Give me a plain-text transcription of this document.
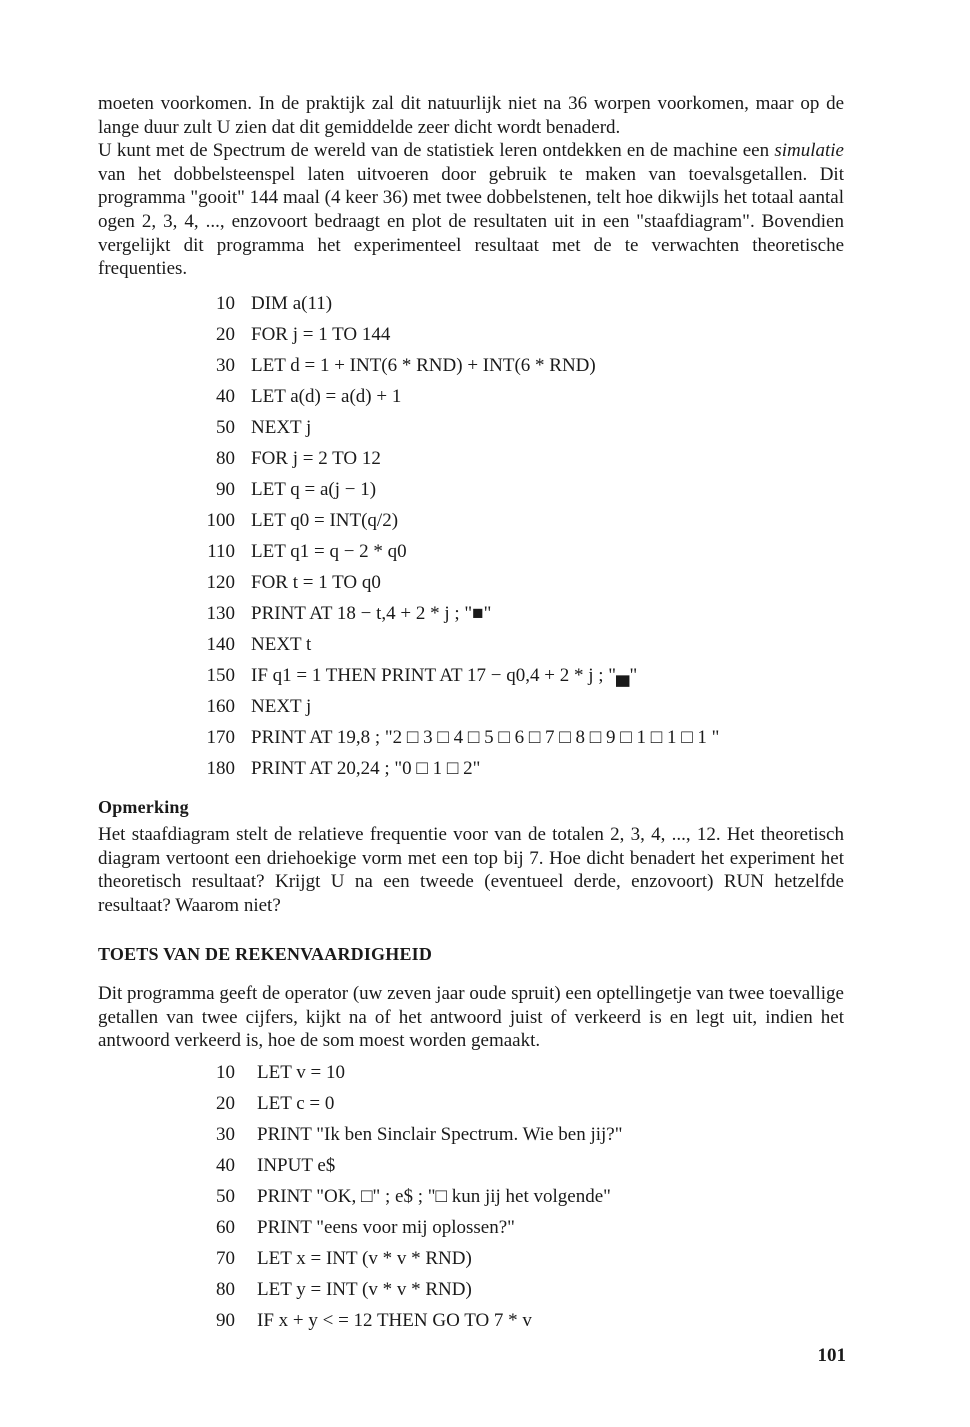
moeten voorkomen. In de praktijk zal dit natuurlijk niet na 36 worpen voorkomen, maar op de lange duur zult U zien dat dit gemiddelde zeer dicht wordt benaderd.
U kunt met de Spectrum de wereld van de statistiek leren ontdekken en de machine een simulatie van het dobbelsteenspel laten uitvoeren door gebruik te maken van toevalsgetallen. Dit programma "gooit" 144 maal (4 keer 36) met twee dobbelstenen, telt hoe dikwijls het totaal aantal ogen 2, 3, 4, ..., enzovoort bedraagt en plot de resultaten uit in een "staafdiagram". Bovendien vergelijkt dit programma het experimenteel resultaat met de te verwachten theoretische frequenties.

10 DIM a(11)
20 FOR j = 1 TO 144
30 LET d = 1 + INT(6 * RND) + INT(6 * RND)
40 LET a(d) = a(d) + 1
50 NEXT j
80 FOR j = 2 TO 12
90 LET q = a(j − 1)
100 LET q0 = INT(q/2)
110 LET q1 = q − 2 * q0
120 FOR t = 1 TO q0
130 PRINT AT 18 − t,4 + 2 * j ; "■"
140 NEXT t
150 IF q1 = 1 THEN PRINT AT 17 − q0,4 + 2 * j ; "▄"
160 NEXT j
170 PRINT AT 19,8 ; "2 □ 3 □ 4 □ 5 □ 6 □ 7 □ 8 □ 9 □ 1 □ 1 □ 1 "
180 PRINT AT 20,24 ; "0 □ 1 □ 2"
Opmerking

Het staafdiagram stelt de relatieve frequentie voor van de totalen 2, 3, 4, ..., 12. Het theoretisch diagram vertoont een driehoekige vorm met een top bij 7. Hoe dicht benadert het experiment het theoretisch resultaat? Krijgt U na een tweede (eventueel derde, enzovoort) RUN hetzelfde resultaat? Waarom niet?

TOETS VAN DE REKENVAARDIGHEID

Dit programma geeft de operator (uw zeven jaar oude spruit) een optellingetje van twee toevallige getallen van twee cijfers, kijkt na of het antwoord juist of verkeerd is en legt uit, indien het antwoord verkeerd is, hoe de som moest worden gemaakt.

10 LET v = 10
20 LET c = 0
30 PRINT "Ik ben Sinclair Spectrum. Wie ben jij?"
40 INPUT e$
50 PRINT "OK, □" ; e$ ; "□ kun jij het volgende"
60 PRINT "eens voor mij oplossen?"
70 LET x = INT (v * v * RND)
80 LET y = INT (v * v * RND)
90 IF x + y < = 12 THEN GO TO 7 * v
101
